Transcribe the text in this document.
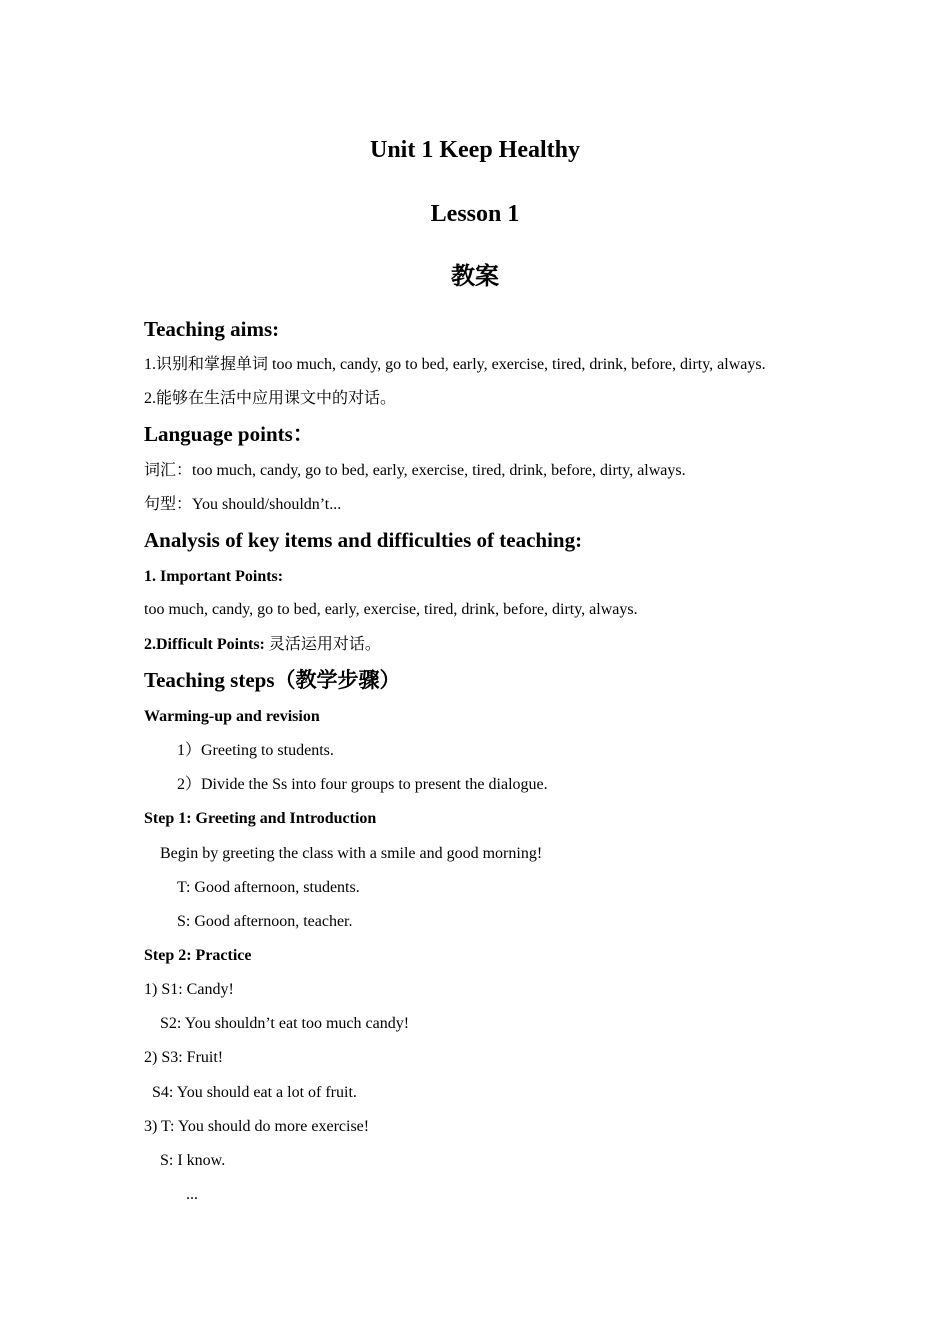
Unit 1 Keep Healthy
Lesson 1
教案
Teaching aims:
1.识别和掌握单词 too much, candy, go to bed, early, exercise, tired, drink, before, dirty, always.
2.能够在生活中应用课文中的对话。
Language points：
词汇：too much, candy, go to bed, early, exercise, tired, drink, before, dirty, always.
句型：You should/shouldn’t...
Analysis of key items and difficulties of teaching:
1. Important Points:
too much, candy, go to bed, early, exercise, tired, drink, before, dirty, always.
2.Difficult Points: 灵活运用对话。
Teaching steps（教学步骤）
Warming-up and revision
1）Greeting to students.
2）Divide the Ss into four groups to present the dialogue.
Step 1: Greeting and Introduction
Begin by greeting the class with a smile and good morning!
T: Good afternoon, students.
S: Good afternoon, teacher.
Step 2: Practice
1) S1: Candy!
S2: You shouldn’t eat too much candy!
2) S3: Fruit!
S4: You should eat a lot of fruit.
3) T: You should do more exercise!
S: I know.
...
